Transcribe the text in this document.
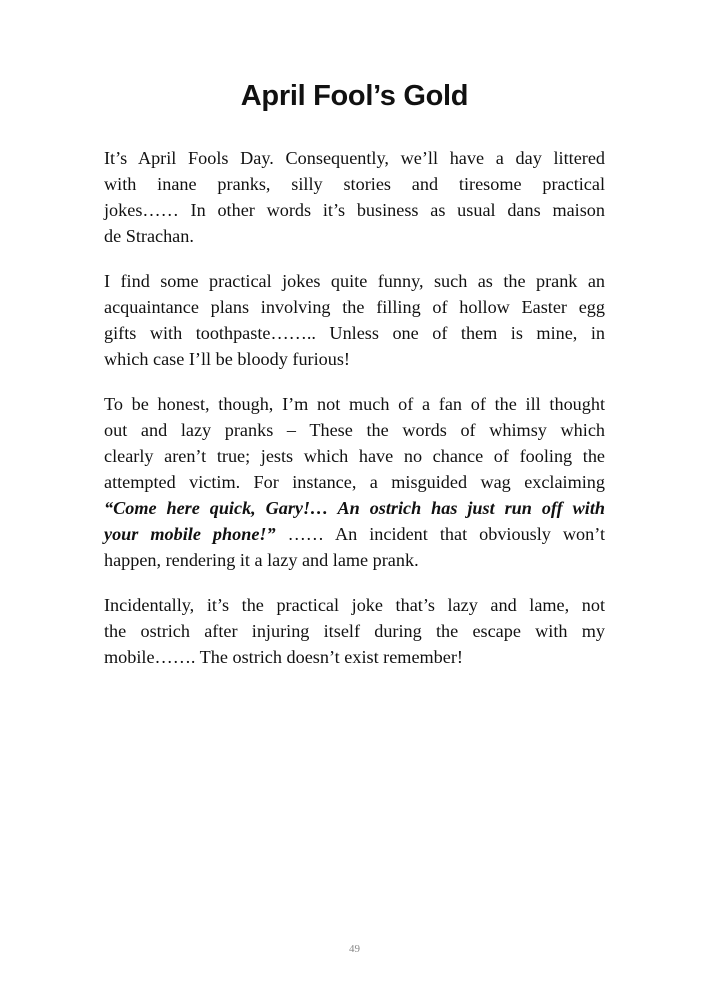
April Fool’s Gold
It’s April Fools Day. Consequently, we’ll have a day littered
with inane pranks, silly stories and tiresome practical
jokes…… In other words it’s business as usual dans maison
de Strachan.
I find some practical jokes quite funny, such as the prank an
acquaintance plans involving the filling of hollow Easter egg
gifts with toothpaste…….. Unless one of them is mine, in
which case I’ll be bloody furious!
To be honest, though, I’m not much of a fan of the ill thought
out and lazy pranks – These the words of whimsy which
clearly aren’t true; jests which have no chance of fooling the
attempted victim. For instance, a misguided wag exclaiming
“Come here quick, Gary!… An ostrich has just run off with
your mobile phone!” …… An incident that obviously won’t
happen, rendering it a lazy and lame prank.
Incidentally, it’s the practical joke that’s lazy and lame, not
the ostrich after injuring itself during the escape with my
mobile……. The ostrich doesn’t exist remember!
49
